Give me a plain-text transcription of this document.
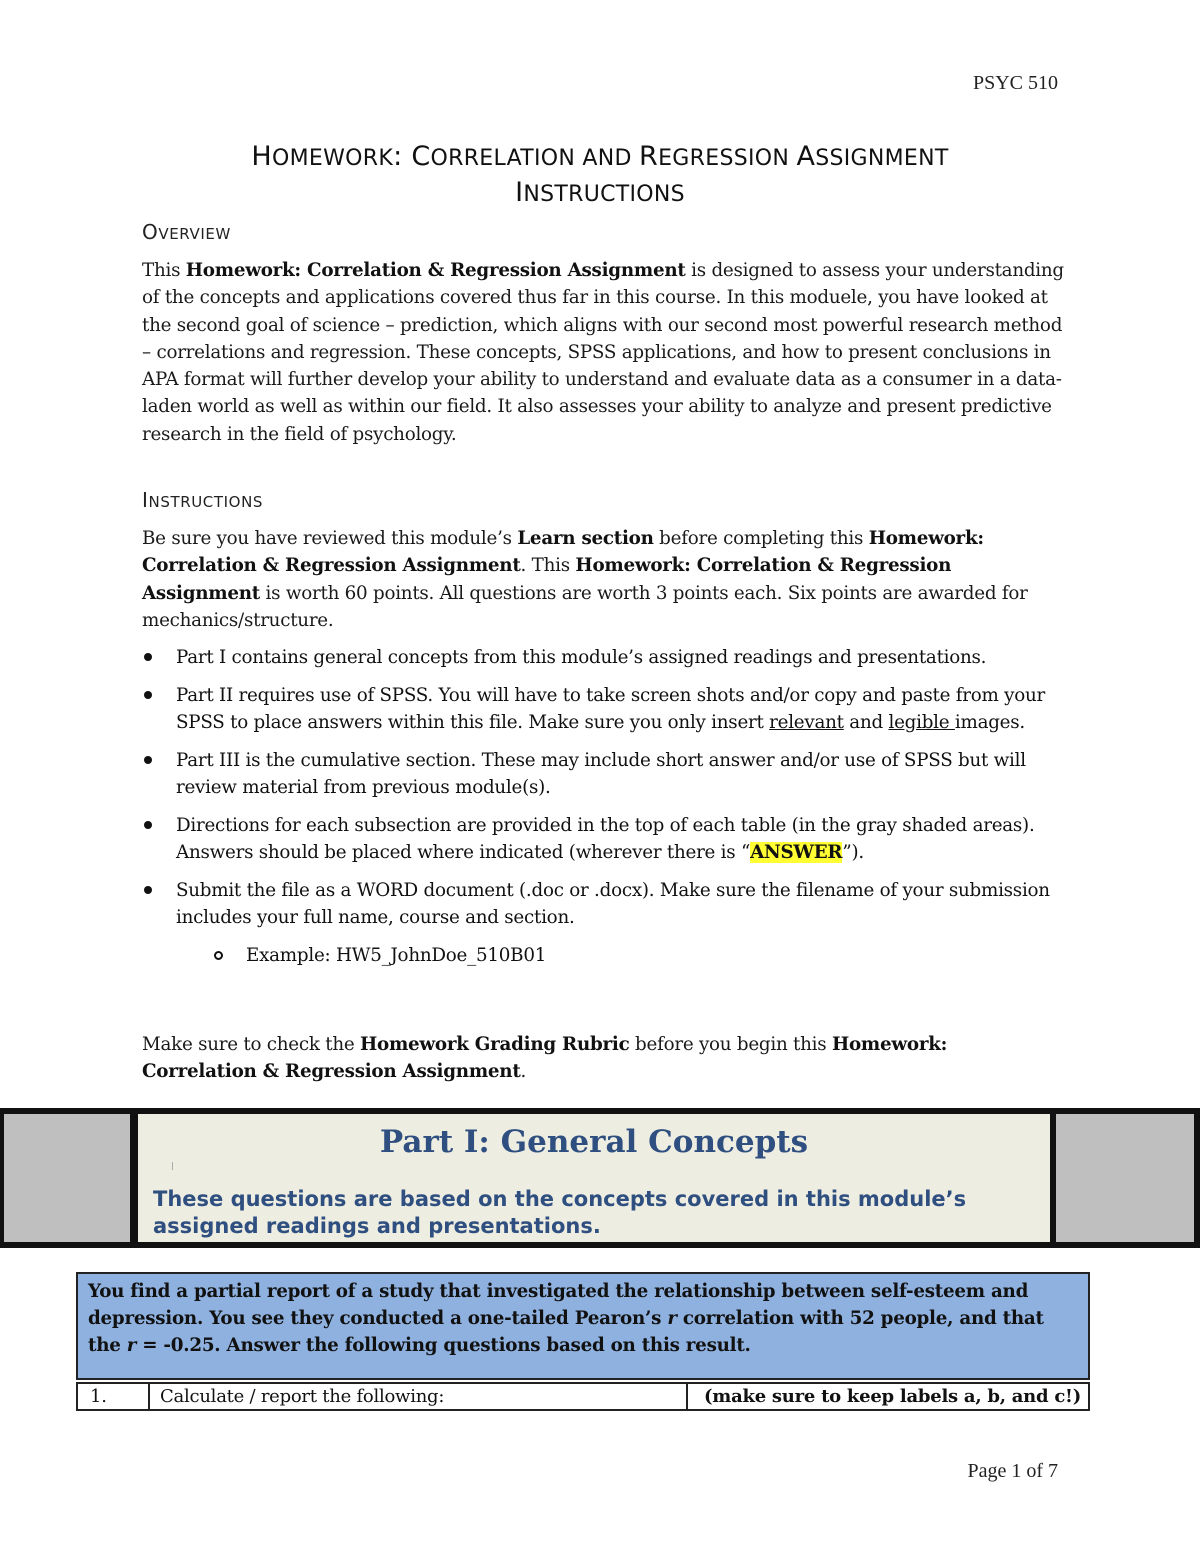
PSYC 510
HOMEWORK: CORRELATION AND REGRESSION ASSIGNMENT
INSTRUCTIONS
OVERVIEW
This Homework: Correlation & Regression Assignment is designed to assess your understanding of the concepts and applications covered thus far in this course. In this moduele, you have looked at the second goal of science – prediction, which aligns with our second most powerful research method – correlations and regression. These concepts, SPSS applications, and how to present conclusions in APA format will further develop your ability to understand and evaluate data as a consumer in a data-laden world as well as within our field. It also assesses your ability to analyze and present predictive research in the field of psychology.
INSTRUCTIONS
Be sure you have reviewed this module’s Learn section before completing this Homework: Correlation & Regression Assignment. This Homework: Correlation & Regression Assignment is worth 60 points. All questions are worth 3 points each. Six points are awarded for mechanics/structure.
Part I contains general concepts from this module’s assigned readings and presentations.
Part II requires use of SPSS. You will have to take screen shots and/or copy and paste from your SPSS to place answers within this file. Make sure you only insert relevant and legible images.
Part III is the cumulative section. These may include short answer and/or use of SPSS but will review material from previous module(s).
Directions for each subsection are provided in the top of each table (in the gray shaded areas). Answers should be placed where indicated (wherever there is “ANSWER”).
Submit the file as a WORD document (.doc or .docx). Make sure the filename of your submission includes your full name, course and section.
Example: HW5_JohnDoe_510B01
Make sure to check the Homework Grading Rubric before you begin this Homework: Correlation & Regression Assignment.
Part I: General Concepts
These questions are based on the concepts covered in this module’s assigned readings and presentations.
You find a partial report of a study that investigated the relationship between self-esteem and depression. You see they conducted a one-tailed Pearon’s r correlation with 52 people, and that the r = -0.25. Answer the following questions based on this result.
1.	Calculate / report the following:	(make sure to keep labels a, b, and c!)
Page 1 of 7
